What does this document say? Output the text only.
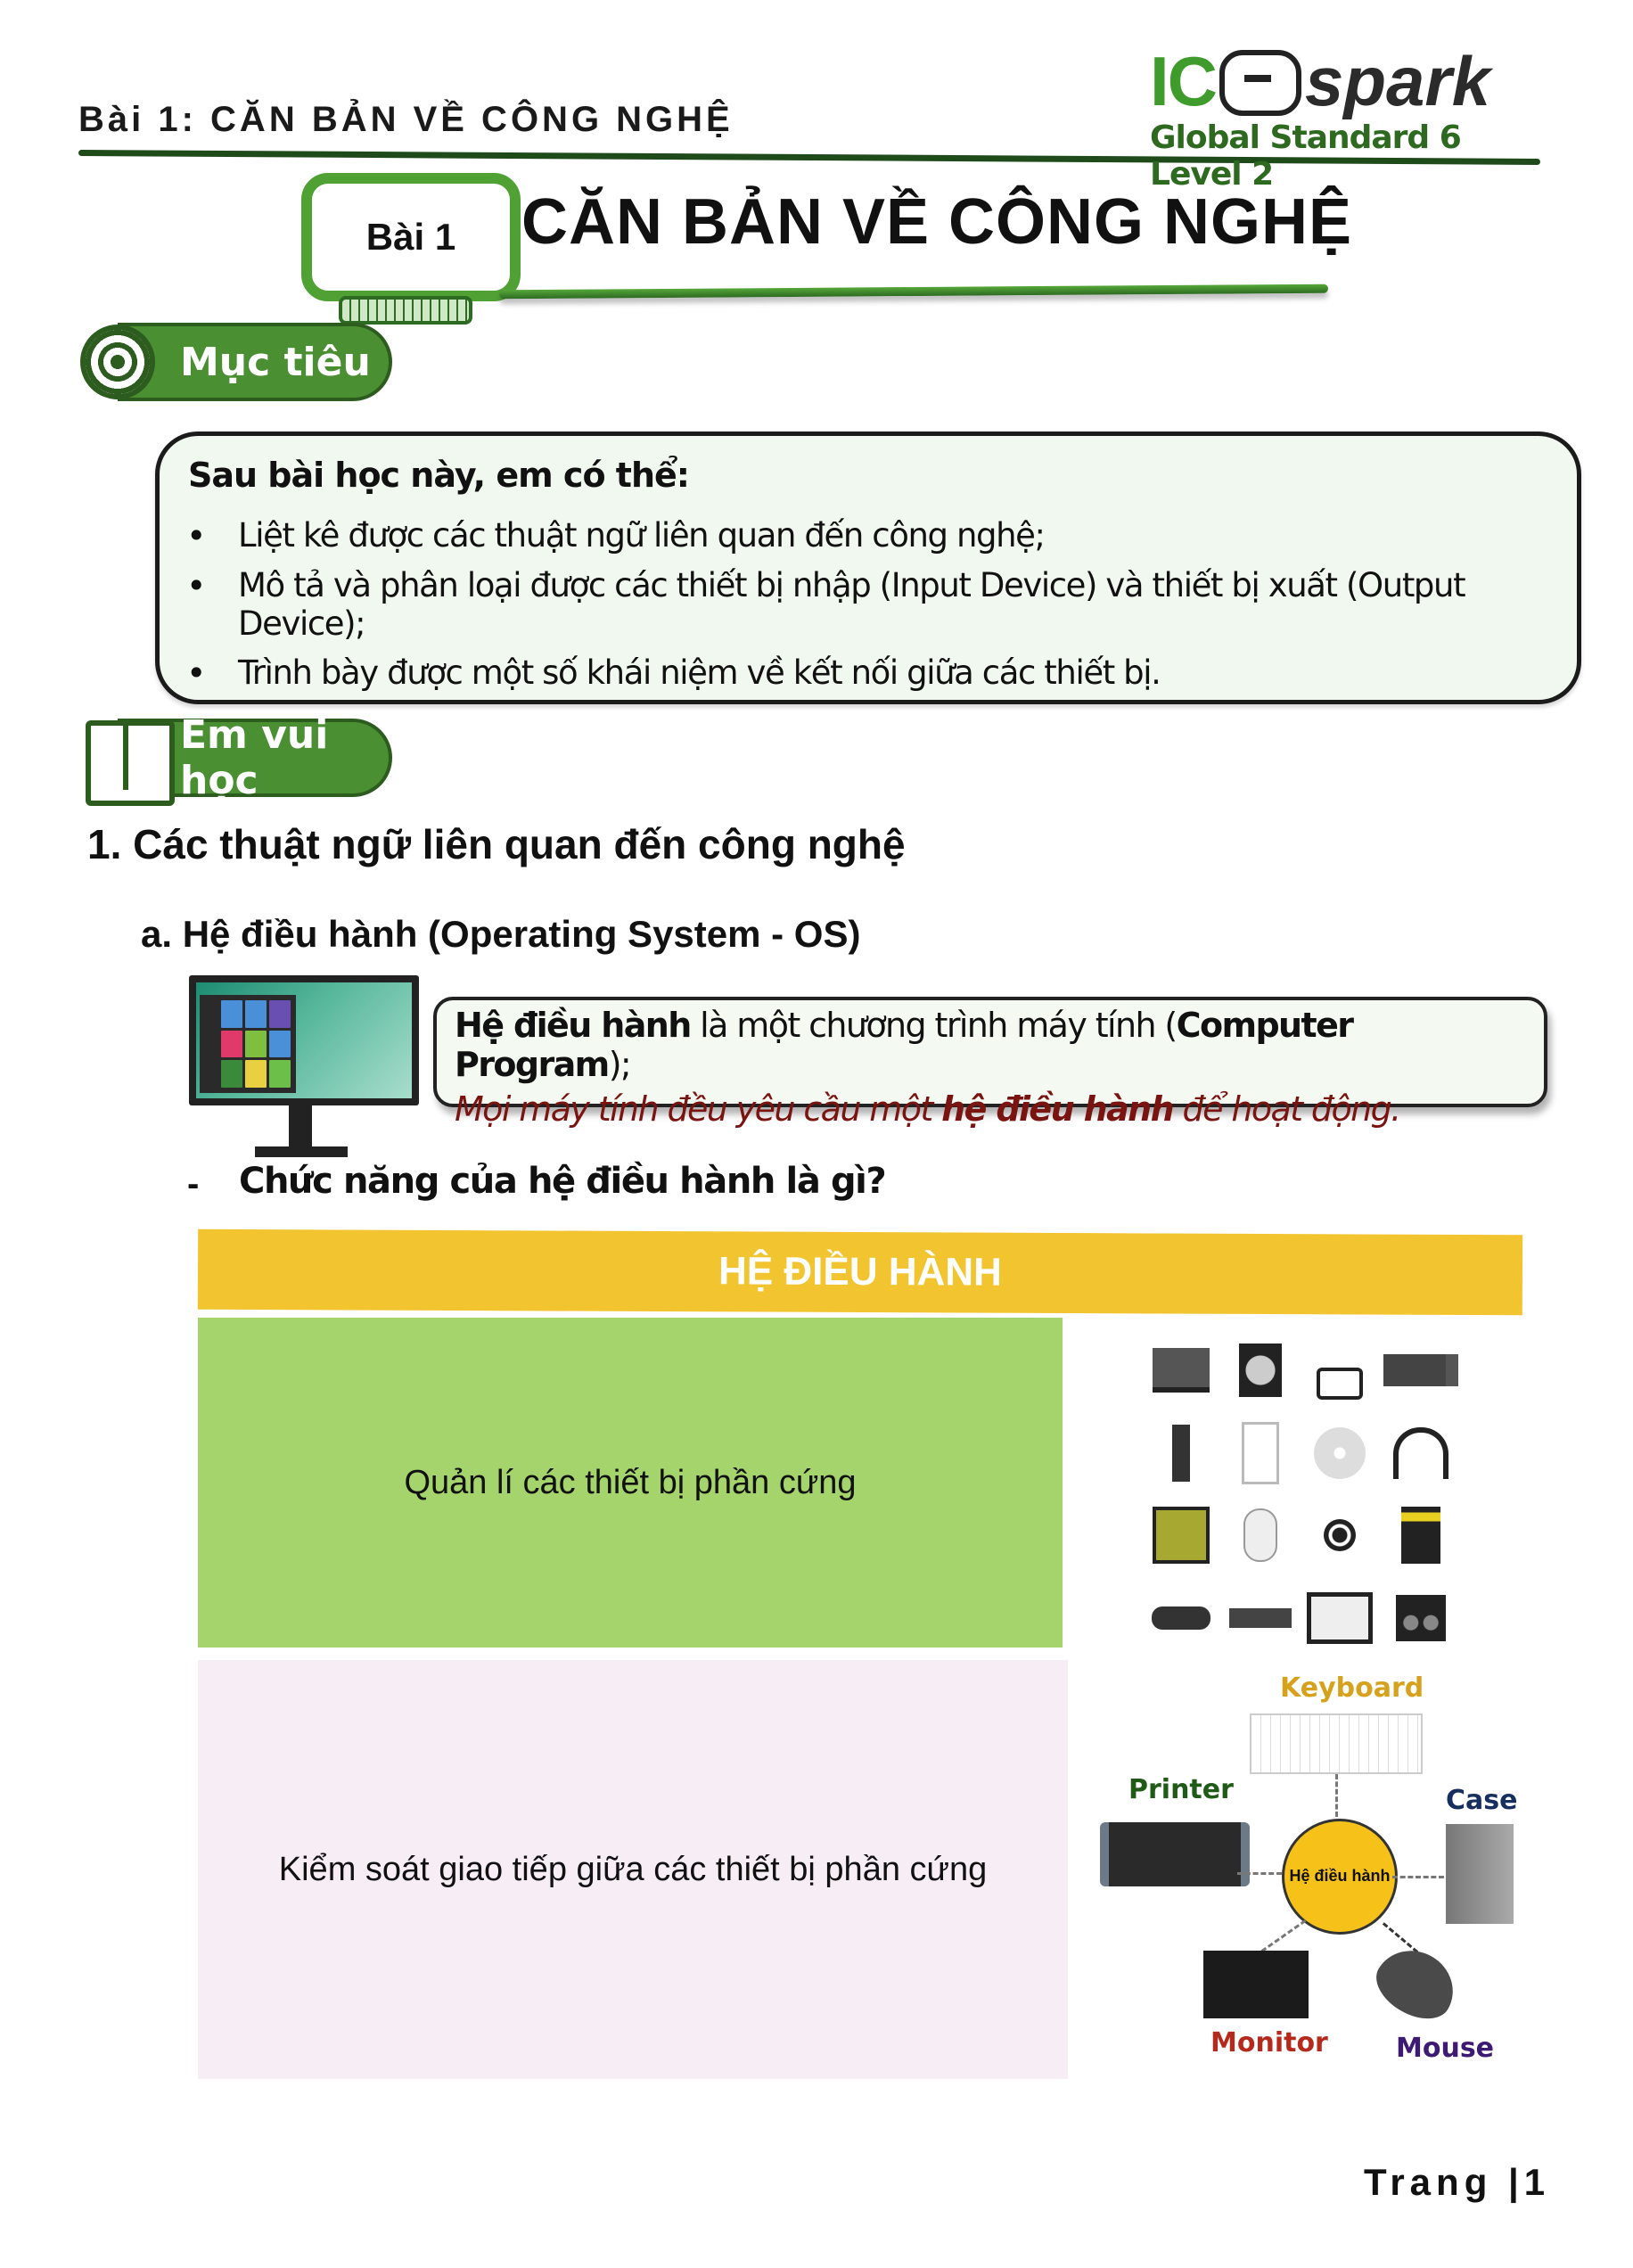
Bài 1: CĂN BẢN VỀ CÔNG NGHỆ	IC spark
Global Standard 6 Level 2
Bài 1 CĂN BẢN VỀ CÔNG NGHỆ
Mục tiêu
Sau bài học này, em có thể:
• Liệt kê được các thuật ngữ liên quan đến công nghệ;
• Mô tả và phân loại được các thiết bị nhập (Input Device) và thiết bị xuất (Output Device);
• Trình bày được một số khái niệm về kết nối giữa các thiết bị.
Em vui học
1. Các thuật ngữ liên quan đến công nghệ
a. Hệ điều hành (Operating System - OS)
Hệ điều hành là một chương trình máy tính (Computer Program);
Mọi máy tính đều yêu cầu một hệ điều hành để hoạt động.
- Chức năng của hệ điều hành là gì?
HỆ ĐIỀU HÀNH
Quản lí các thiết bị phần cứng
Kiểm soát giao tiếp giữa các thiết bị phần cứng
Keyboard
Printer	Case
Hệ điều hành
Monitor	Mouse
Trang |1
